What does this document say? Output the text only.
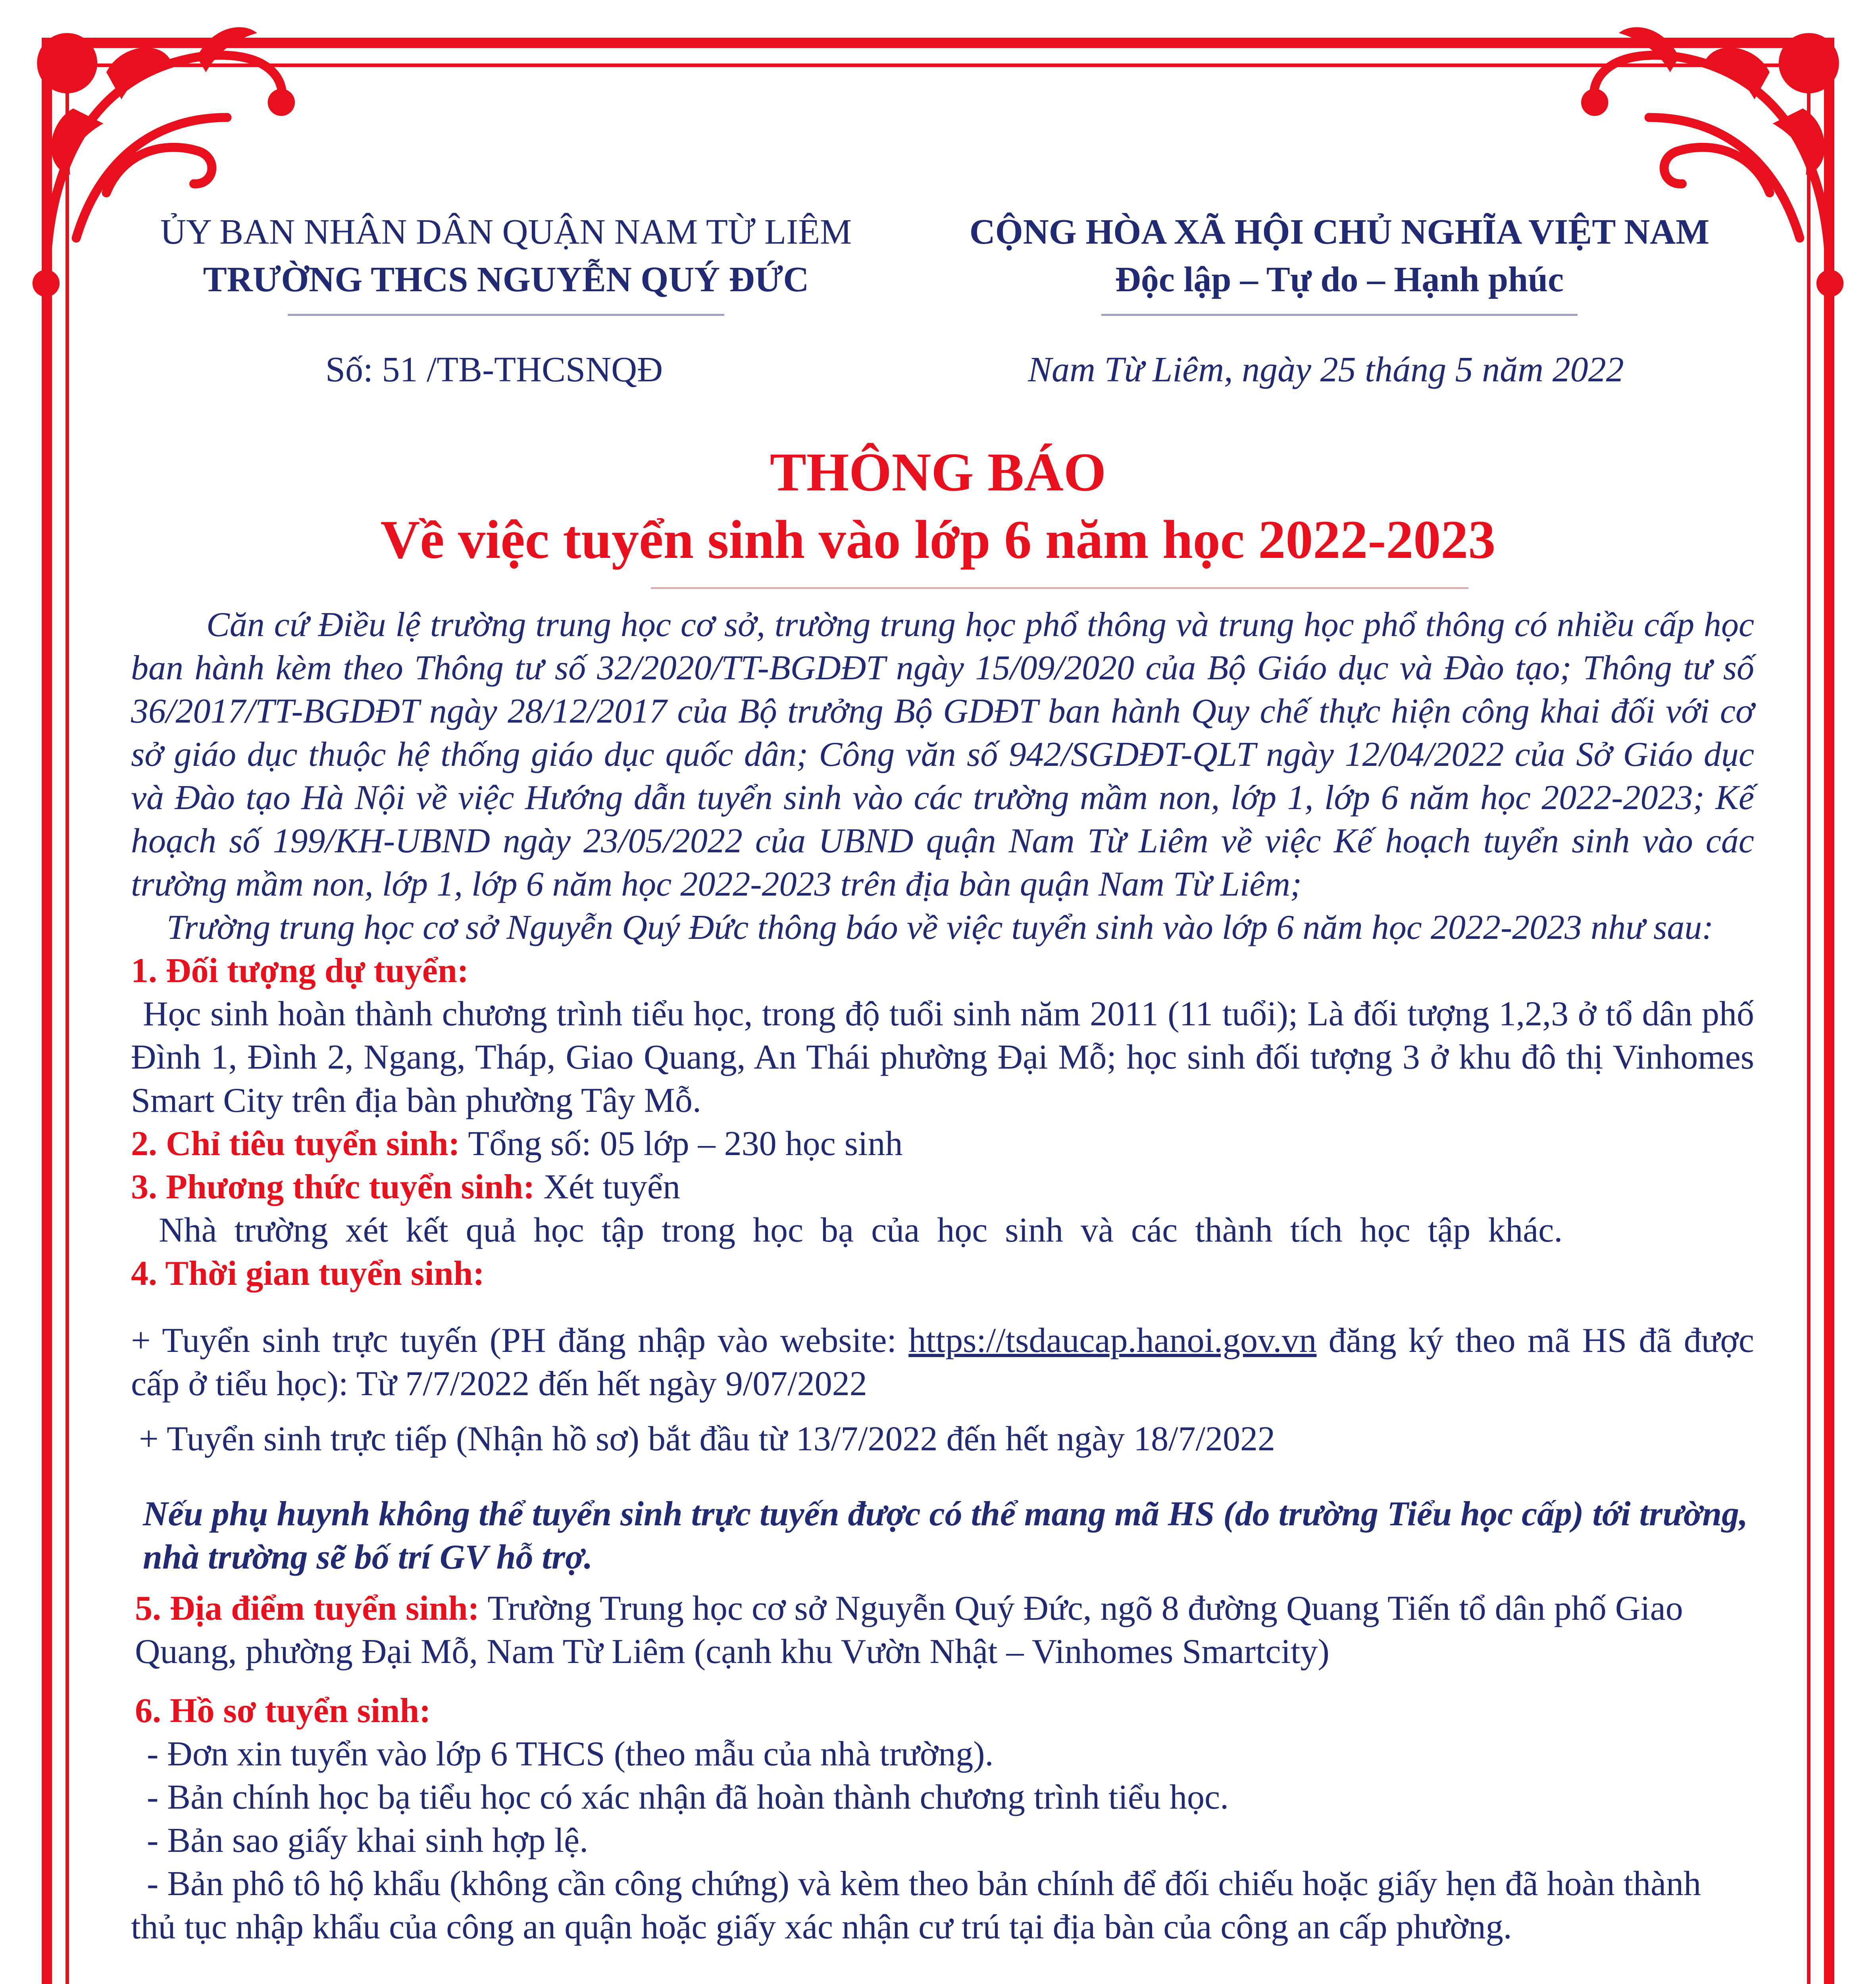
ỦY BAN NHÂN DÂN QUẬN NAM TỪ LIÊM
TRƯỜNG THCS NGUYỄN QUÝ ĐỨC
CỘNG HÒA XÃ HỘI CHỦ NGHĨA VIỆT NAM
Độc lập – Tự do – Hạnh phúc
Số: 51 /TB-THCSNQĐ	Nam Từ Liêm, ngày 25 tháng 5 năm 2022
THÔNG BÁO
Về việc tuyển sinh vào lớp 6 năm học 2022-2023

Căn cứ Điều lệ trường trung học cơ sở, trường trung học phổ thông và trung học phổ thông có nhiều cấp học ban hành kèm theo Thông tư số 32/2020/TT-BGDĐT ngày 15/09/2020 của Bộ Giáo dục và Đào tạo; Thông tư số 36/2017/TT-BGDĐT ngày 28/12/2017 của Bộ trưởng Bộ GDĐT ban hành Quy chế thực hiện công khai đối với cơ sở giáo dục thuộc hệ thống giáo dục quốc dân; Công văn số 942/SGDĐT-QLT ngày 12/04/2022 của Sở Giáo dục và Đào tạo Hà Nội về việc Hướng dẫn tuyển sinh vào các trường mầm non, lớp 1, lớp 6 năm học 2022-2023; Kế hoạch số 199/KH-UBND ngày 23/05/2022 của UBND quận Nam Từ Liêm về việc Kế hoạch tuyển sinh vào các trường mầm non, lớp 1, lớp 6 năm học 2022-2023 trên địa bàn quận Nam Từ Liêm;

Trường trung học cơ sở Nguyễn Quý Đức thông báo về việc tuyển sinh vào lớp 6 năm học 2022-2023 như sau:

1. Đối tượng dự tuyển:

Học sinh hoàn thành chương trình tiểu học, trong độ tuổi sinh năm 2011 (11 tuổi); Là đối tượng 1,2,3 ở tổ dân phố Đình 1, Đình 2, Ngang, Tháp, Giao Quang, An Thái phường Đại Mỗ; học sinh đối tượng 3 ở khu đô thị Vinhomes Smart City trên địa bàn phường Tây Mỗ.

2. Chỉ tiêu tuyển sinh: Tổng số: 05 lớp – 230 học sinh

3. Phương thức tuyển sinh: Xét tuyển

Nhà trường xét kết quả học tập trong học bạ của học sinh và các thành tích học tập khác.

4. Thời gian tuyển sinh:

+ Tuyển sinh trực tuyến (PH đăng nhập vào website: https://tsdaucap.hanoi.gov.vn đăng ký theo mã HS đã được cấp ở tiểu học): Từ 7/7/2022 đến hết ngày 9/07/2022

+ Tuyển sinh trực tiếp (Nhận hồ sơ) bắt đầu từ 13/7/2022 đến hết ngày 18/7/2022

Nếu phụ huynh không thể tuyển sinh trực tuyến được có thể mang mã HS (do trường Tiểu học cấp) tới trường, nhà trường sẽ bố trí GV hỗ trợ.

5. Địa điểm tuyển sinh: Trường Trung học cơ sở Nguyễn Quý Đức, ngõ 8 đường Quang Tiến tổ dân phố Giao Quang, phường Đại Mỗ, Nam Từ Liêm (cạnh khu Vườn Nhật – Vinhomes Smartcity)

6. Hồ sơ tuyển sinh:

- Đơn xin tuyển vào lớp 6 THCS (theo mẫu của nhà trường).

- Bản chính học bạ tiểu học có xác nhận đã hoàn thành chương trình tiểu học.

- Bản sao giấy khai sinh hợp lệ.

- Bản phô tô hộ khẩu (không cần công chứng) và kèm theo bản chính để đối chiếu hoặc giấy hẹn đã hoàn thành thủ tục nhập khẩu của công an quận hoặc giấy xác nhận cư trú tại địa bàn của công an cấp phường.
